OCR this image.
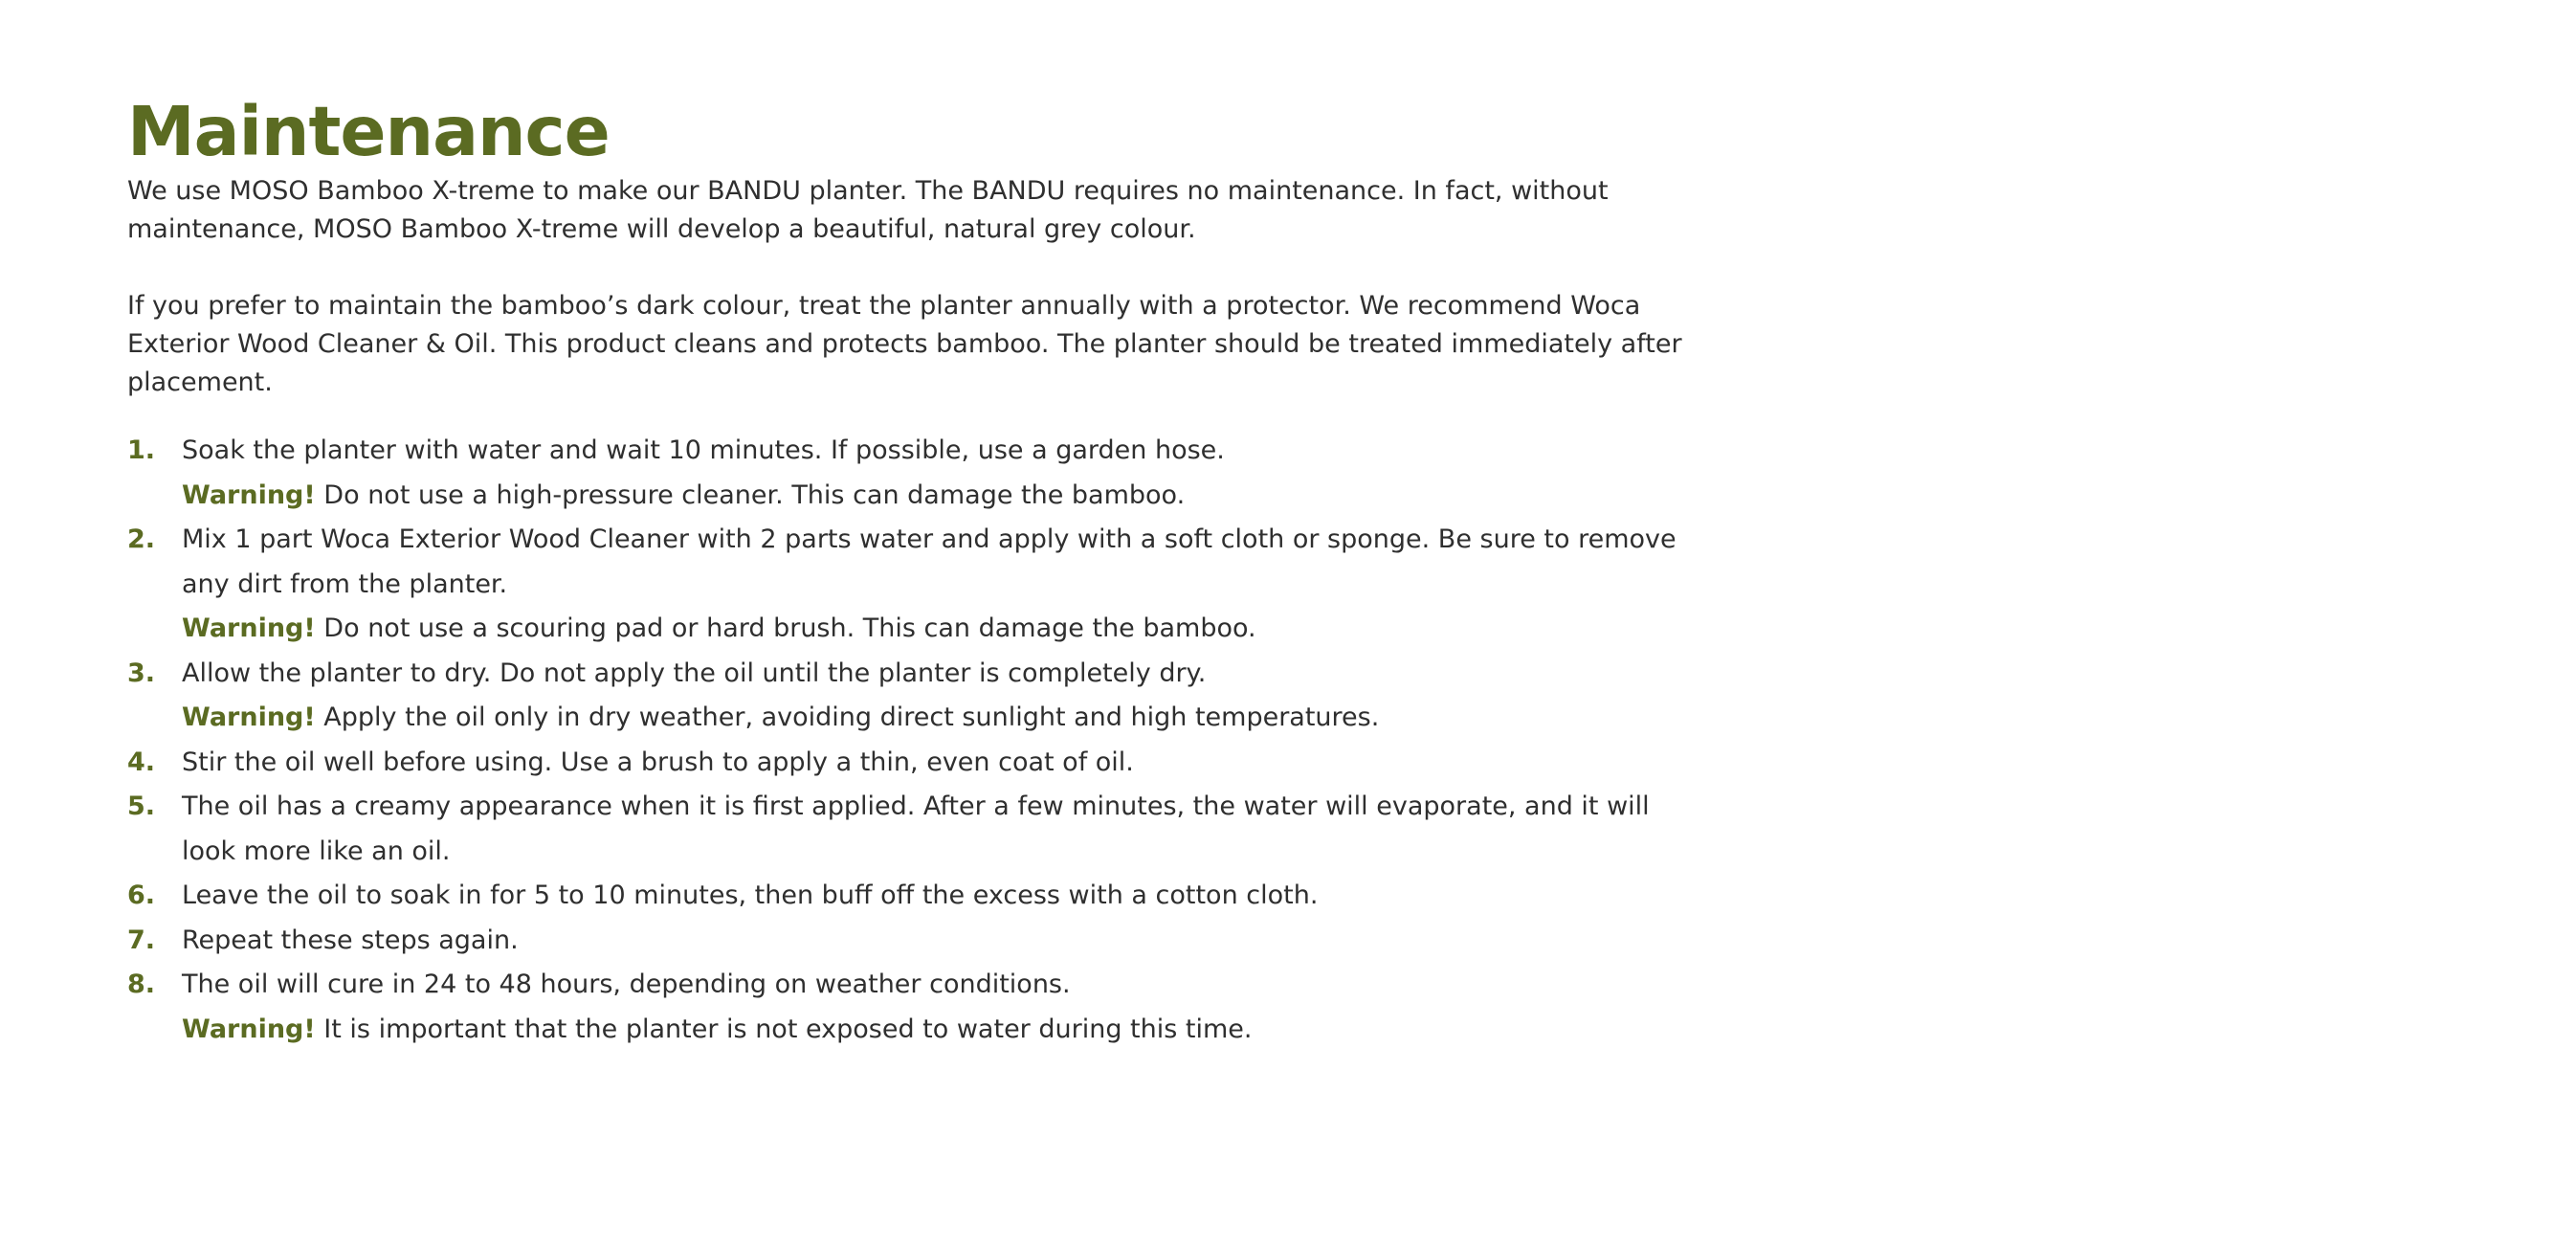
Maintenance

We use MOSO Bamboo X-treme to make our BANDU planter. The BANDU requires no maintenance. In fact, without maintenance, MOSO Bamboo X-treme will develop a beautiful, natural grey colour.

If you prefer to maintain the bamboo’s dark colour, treat the planter annually with a protector. We recommend Woca Exterior Wood Cleaner & Oil. This product cleans and protects bamboo. The planter should be treated immediately after placement.

1. Soak the planter with water and wait 10 minutes. If possible, use a garden hose.
Warning! Do not use a high-pressure cleaner. This can damage the bamboo.
2. Mix 1 part Woca Exterior Wood Cleaner with 2 parts water and apply with a soft cloth or sponge. Be sure to remove any dirt from the planter.
Warning! Do not use a scouring pad or hard brush. This can damage the bamboo.
3. Allow the planter to dry. Do not apply the oil until the planter is completely dry.
Warning! Apply the oil only in dry weather, avoiding direct sunlight and high temperatures.
4. Stir the oil well before using. Use a brush to apply a thin, even coat of oil.
5. The oil has a creamy appearance when it is first applied. After a few minutes, the water will evaporate, and it will look more like an oil.
6. Leave the oil to soak in for 5 to 10 minutes, then buff off the excess with a cotton cloth.
7. Repeat these steps again.
8. The oil will cure in 24 to 48 hours, depending on weather conditions.
Warning! It is important that the planter is not exposed to water during this time.
